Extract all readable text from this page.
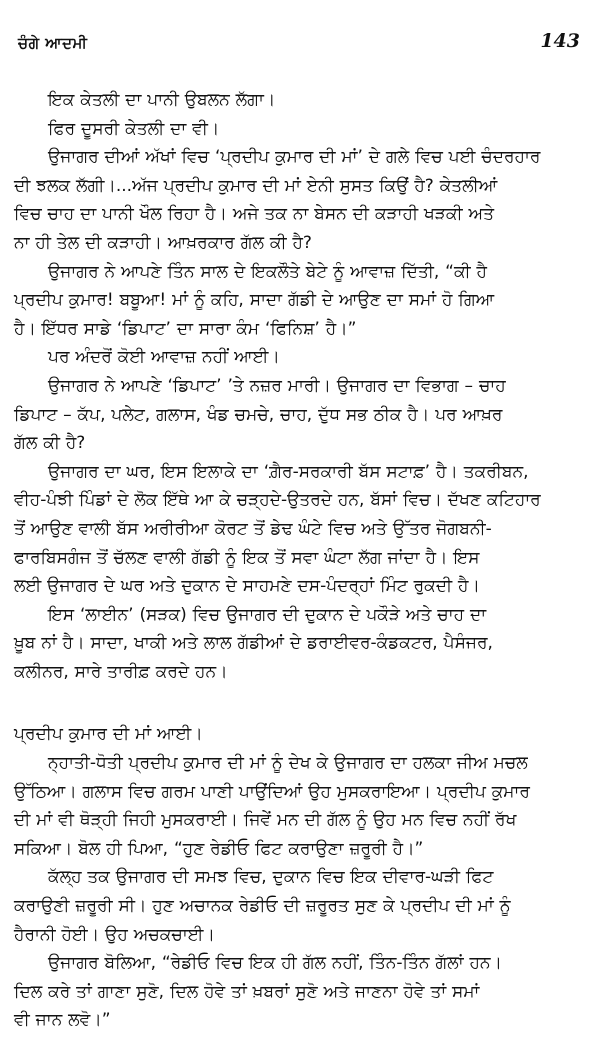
ਚੰਗੇ ਆਦਮੀ	143

ਇਕ ਕੇਤਲੀ ਦਾ ਪਾਨੀ ਉਬਲਨ ਲੱਗਾ।

ਫਿਰ ਦੂਸਰੀ ਕੇਤਲੀ ਦਾ ਵੀ।

ਉਜਾਗਰ ਦੀਆਂ ਅੱਖਾਂ ਵਿਚ ‘ਪ੍ਰਦੀਪ ਕੁਮਾਰ ਦੀ ਮਾਂ’ ਦੇ ਗਲੇ ਵਿਚ ਪਈ ਚੰਦਰਹਾਰ
ਦੀ ਝਲਕ ਲੱਗੀ।...ਅੱਜ ਪ੍ਰਦੀਪ ਕੁਮਾਰ ਦੀ ਮਾਂ ਏਨੀ ਸੁਸਤ ਕਿਉਂ ਹੈ? ਕੇਤਲੀਆਂ
ਵਿਚ ਚਾਹ ਦਾ ਪਾਨੀ ਖੌਲ ਰਿਹਾ ਹੈ। ਅਜੇ ਤਕ ਨਾ ਬੇਸਨ ਦੀ ਕੜਾਹੀ ਖੜਕੀ ਅਤੇ
ਨਾ ਹੀ ਤੇਲ ਦੀ ਕੜਾਹੀ। ਆਖ਼ਰਕਾਰ ਗੱਲ ਕੀ ਹੈ?

ਉਜਾਗਰ ਨੇ ਆਪਣੇ ਤਿੰਨ ਸਾਲ ਦੇ ਇਕਲੌਤੇ ਬੇਟੇ ਨੂੰ ਆਵਾਜ਼ ਦਿੱਤੀ, “ਕੀ ਹੈ
ਪ੍ਰਦੀਪ ਕੁਮਾਰ! ਬਬੂਆ! ਮਾਂ ਨੂੰ ਕਹਿ, ਸਾਦਾ ਗੱਡੀ ਦੇ ਆਉਣ ਦਾ ਸਮਾਂ ਹੋ ਗਿਆ
ਹੈ। ਇੱਧਰ ਸਾਡੇ ‘ਡਿਪਾਟ’ ਦਾ ਸਾਰਾ ਕੰਮ ‘ਫਿਨਿਸ਼’ ਹੈ।”

ਪਰ ਅੰਦਰੋਂ ਕੋਈ ਆਵਾਜ਼ ਨਹੀਂ ਆਈ।

ਉਜਾਗਰ ਨੇ ਆਪਣੇ ‘ਡਿਪਾਟ’ ’ਤੇ ਨਜ਼ਰ ਮਾਰੀ। ਉਜਾਗਰ ਦਾ ਵਿਭਾਗ – ਚਾਹ
ਡਿਪਾਟ – ਕੱਪ, ਪਲੇਟ, ਗਲਾਸ, ਖੰਡ ਚਮਚੇ, ਚਾਹ, ਦੁੱਧ ਸਭ ਠੀਕ ਹੈ। ਪਰ ਆਖ਼ਰ
ਗੱਲ ਕੀ ਹੈ?

ਉਜਾਗਰ ਦਾ ਘਰ, ਇਸ ਇਲਾਕੇ ਦਾ ‘ਗ਼ੈਰ-ਸਰਕਾਰੀ ਬੱਸ ਸਟਾਫ਼’ ਹੈ। ਤਕਰੀਬਨ,
ਵੀਹ-ਪੰਝੀ ਪਿੰਡਾਂ ਦੇ ਲੋਕ ਇੱਥੇ ਆ ਕੇ ਚੜ੍ਹਦੇ-ਉਤਰਦੇ ਹਨ, ਬੱਸਾਂ ਵਿਚ। ਦੱਖਣ ਕਟਿਹਾਰ
ਤੋਂ ਆਉਣ ਵਾਲੀ ਬੱਸ ਅਰੀਰੀਆ ਕੋਰਟ ਤੋਂ ਡੇਢ ਘੰਟੇ ਵਿਚ ਅਤੇ ਉੱਤਰ ਜੋਗਬਨੀ-
ਫਾਰਬਿਸਗੰਜ ਤੋਂ ਚੱਲਣ ਵਾਲੀ ਗੱਡੀ ਨੂੰ ਇਕ ਤੋਂ ਸਵਾ ਘੰਟਾ ਲੱਗ ਜਾਂਦਾ ਹੈ। ਇਸ
ਲਈ ਉਜਾਗਰ ਦੇ ਘਰ ਅਤੇ ਦੁਕਾਨ ਦੇ ਸਾਹਮਣੇ ਦਸ-ਪੰਦਰ੍ਹਾਂ ਮਿੰਟ ਰੁਕਦੀ ਹੈ।

ਇਸ ‘ਲਾਈਨ’ (ਸੜਕ) ਵਿਚ ਉਜਾਗਰ ਦੀ ਦੁਕਾਨ ਦੇ ਪਕੌੜੇ ਅਤੇ ਚਾਹ ਦਾ
ਖ਼ੂਬ ਨਾਂ ਹੈ। ਸਾਦਾ, ਖਾਕੀ ਅਤੇ ਲਾਲ ਗੱਡੀਆਂ ਦੇ ਡਰਾਈਵਰ-ਕੰਡਕਟਰ, ਪੈਸੰਜਰ,
ਕਲੀਨਰ, ਸਾਰੇ ਤਾਰੀਫ਼ ਕਰਦੇ ਹਨ।

ਪ੍ਰਦੀਪ ਕੁਮਾਰ ਦੀ ਮਾਂ ਆਈ।

ਨ੍ਹਾਤੀ-ਧੋਤੀ ਪ੍ਰਦੀਪ ਕੁਮਾਰ ਦੀ ਮਾਂ ਨੂੰ ਦੇਖ ਕੇ ਉਜਾਗਰ ਦਾ ਹਲਕਾ ਜੀਅ ਮਚਲ
ਉੱਠਿਆ। ਗਲਾਸ ਵਿਚ ਗਰਮ ਪਾਣੀ ਪਾਉਂਦਿਆਂ ਉਹ ਮੁਸਕਰਾਇਆ। ਪ੍ਰਦੀਪ ਕੁਮਾਰ
ਦੀ ਮਾਂ ਵੀ ਥੋੜ੍ਹੀ ਜਿਹੀ ਮੁਸਕਰਾਈ। ਜਿਵੇਂ ਮਨ ਦੀ ਗੱਲ ਨੂੰ ਉਹ ਮਨ ਵਿਚ ਨਹੀਂ ਰੱਖ
ਸਕਿਆ। ਬੋਲ ਹੀ ਪਿਆ, “ਹੁਣ ਰੇਡੀਓ ਫਿਟ ਕਰਾਉਣਾ ਜ਼ਰੂਰੀ ਹੈ।”

ਕੱਲ੍ਹ ਤਕ ਉਜਾਗਰ ਦੀ ਸਮਝ ਵਿਚ, ਦੁਕਾਨ ਵਿਚ ਇਕ ਦੀਵਾਰ-ਘੜੀ ਫਿਟ
ਕਰਾਉਣੀ ਜ਼ਰੂਰੀ ਸੀ। ਹੁਣ ਅਚਾਨਕ ਰੇਡੀਓ ਦੀ ਜ਼ਰੂਰਤ ਸੁਣ ਕੇ ਪ੍ਰਦੀਪ ਦੀ ਮਾਂ ਨੂੰ
ਹੈਰਾਨੀ ਹੋਈ। ਉਹ ਅਚਕਚਾਈ।

ਉਜਾਗਰ ਬੋਲਿਆ, “ਰੇਡੀਓ ਵਿਚ ਇਕ ਹੀ ਗੱਲ ਨਹੀਂ, ਤਿੰਨ-ਤਿੰਨ ਗੱਲਾਂ ਹਨ।
ਦਿਲ ਕਰੇ ਤਾਂ ਗਾਣਾ ਸੁਣੋ, ਦਿਲ ਹੋਵੇ ਤਾਂ ਖ਼ਬਰਾਂ ਸੁਣੋ ਅਤੇ ਜਾਣਨਾ ਹੋਵੇ ਤਾਂ ਸਮਾਂ
ਵੀ ਜਾਨ ਲਵੋ।”
